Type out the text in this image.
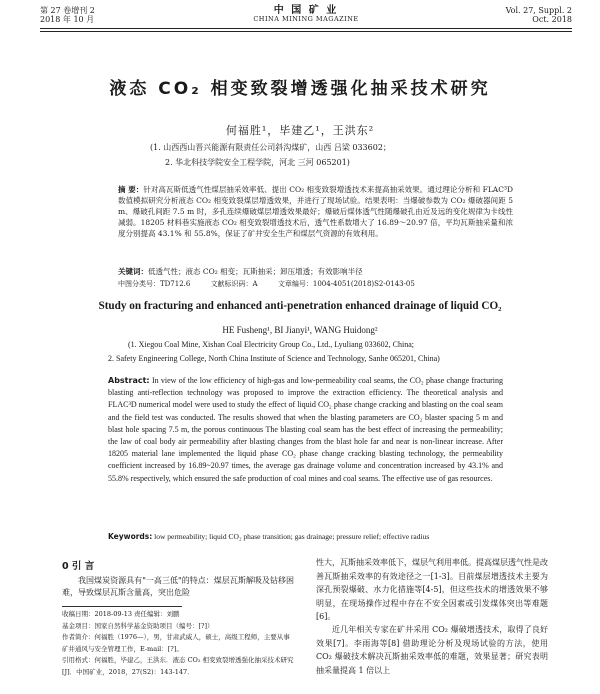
第 27 卷增刊 2
2018 年 10 月
中 国 矿 业
CHINA MINING MAGAZINE
Vol. 27, Suppl. 2
Oct. 2018
液态 CO₂ 相变致裂增透强化抽采技术研究
何福胜¹，毕建乙¹，王洪东²
(1. 山西西山晋兴能源有限责任公司斜沟煤矿，山西 吕梁 033602；
2. 华北科技学院安全工程学院，河北 三河 065201)
摘 要：针对高瓦斯低透气性煤层抽采效率低、提出 CO₂ 相变致裂增透技术来提高抽采效果。通过理论分析和 FLAC³D 数值模拟研究分析液态 CO₂ 相变致裂煤层增透效果，并进行了现场试验。结果表明：当爆破参数为 CO₂ 爆破器间距 5 m、爆破孔间距 7.5 m 时，多孔连续爆破煤层增透效果最好；爆破后煤体透气性随爆破孔由近及远的变化规律为卡线性减弱。18205 材料巷实施液态 CO₂ 相变致裂增透技术后，透气性系数增大了 16.89～20.97 倍，平均瓦斯抽采量和浓度分别提高 43.1% 和 55.8%，保证了矿井安全生产和煤层气资源的有效利用。
关键词：低透气性；液态 CO₂ 相变；瓦斯抽采；卸压增透；有效影响半径
中图分类号：TD712.6	文献标识码：A	文章编号：1004-4051(2018)S2-0143-05
Study on fracturing and enhanced anti-penetration enhanced drainage of liquid CO₂
HE Fusheng¹, BI Jianyi¹, WANG Huidong²
(1. Xiegou Coal Mine, Xishan Coal Electricity Group Co., Ltd., Lyuliang 033602, China;
2. Safety Engineering College, North China Institute of Science and Technology, Sanhe 065201, China)
Abstract: In view of the low efficiency of high-gas and low-permeability coal seams, the CO₂ phase change fracturing blasting anti-reflection technology was proposed to improve the extraction efficiency. The theoretical analysis and FLAC³D numerical model were used to study the effect of liquid CO₂ phase change cracking and blasting on the coal seam and the field test was conducted. The results showed that when the blasting parameters are CO₂ blaster spacing 5 m and blast hole spacing 7.5 m, the porous continuous The blasting coal seam has the best effect of increasing the permeability; the law of coal body air permeability after blasting changes from the blast hole far and near is non-linear increase. After 18205 material lane implemented the liquid phase CO₂ phase change cracking blasting technology, the permeability coefficient increased by 16.89~20.97 times, the average gas drainage volume and concentration increased by 43.1% and 55.8% respectively, which ensured the safe production of coal mines and coal seams. The effective use of gas resources.
Keywords: low permeability; liquid CO₂ phase transition; gas drainage; pressure relief; effective radius
0 引 言
我国煤炭资源具有"一高三低"的特点：煤层瓦斯解吸及钻移困难，导致煤层瓦斯含量高，突出危险

收稿日期：2018-09-13 责任编辑：刘鹏

基金项目：国家自然科学基金资助项目（编号：[?]）

作者简介：何福胜（1976—），男，甘肃武威人，硕士，高级工程师，主要从事矿井通风与安全管理工作，E-mail：[?]。

引用格式：何福胜，毕建乙，王洪东．液态 CO₂ 相变致裂增透强化抽采技术研究[J]．中国矿业，2018，27(S2)：143-147．

性大，瓦斯抽采效率低下，煤层气利用率低。提高煤层透气性是改善瓦斯抽采效率的有效途径之一[1-3]。目前煤层增透技术主要为深孔预裂爆破、水力化措施等[4-5]，但这些技术的增透效果不够明显，在现场操作过程中存在不安全因素或引发煤体突出等难题[6]。
近几年相关专家在矿井采用 CO₂ 爆破增透技术，取得了良好效果[7]。李雨海等[8] 借助理论分析及现场试验的方法，使用 CO₂ 爆破技术解决瓦斯抽采效率低的难题，效果显著；研究表明抽采量提高 1 倍以上
